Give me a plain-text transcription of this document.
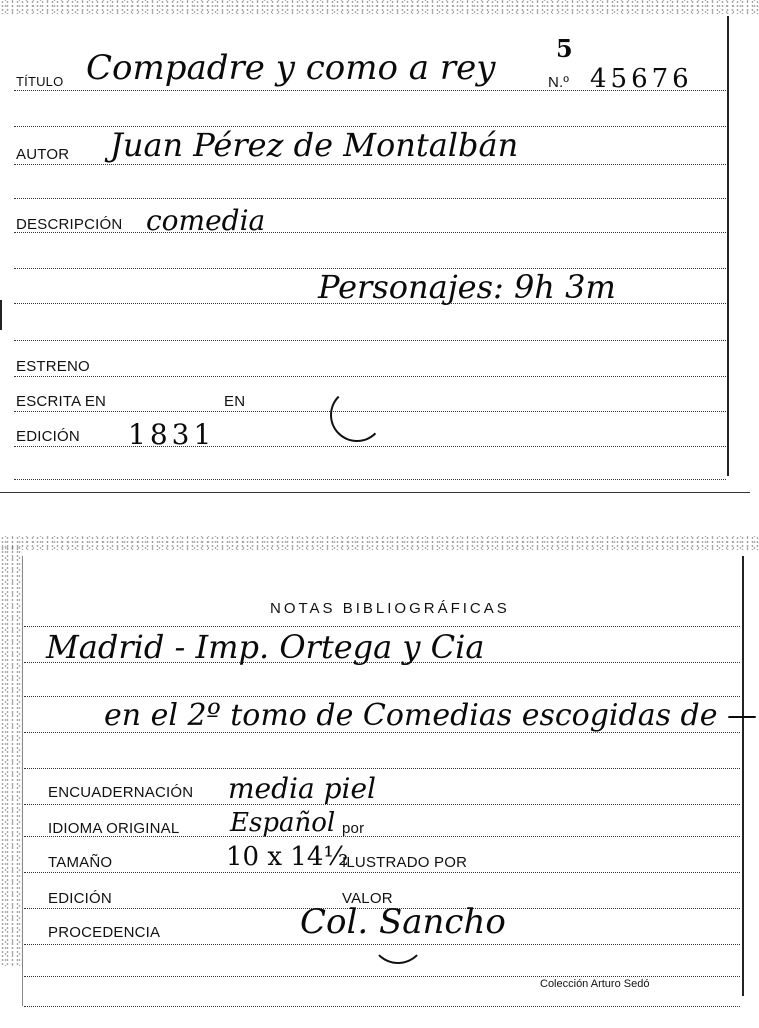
TÍTULO Compadre y como a rey	N.º 45676
5
AUTOR Juan Pérez de Montalbán
DESCRIPCIÓN comedia
Personajes: 9h 3m
ESTRENO
ESCRITA EN	EN
EDICIÓN 1831
NOTAS BIBLIOGRÁFICAS
Madrid - Imp. Ortega y Cia
en el 2º tomo de Comedias escogidas de —
ENCUADERNACIÓN media piel
IDIOMA ORIGINAL Español por
TAMAÑO	10 x 14½
ILUSTRADO POR
EDICIÓN	VALOR
PROCEDENCIA	Col. Sancho
Colección Arturo Sedó
